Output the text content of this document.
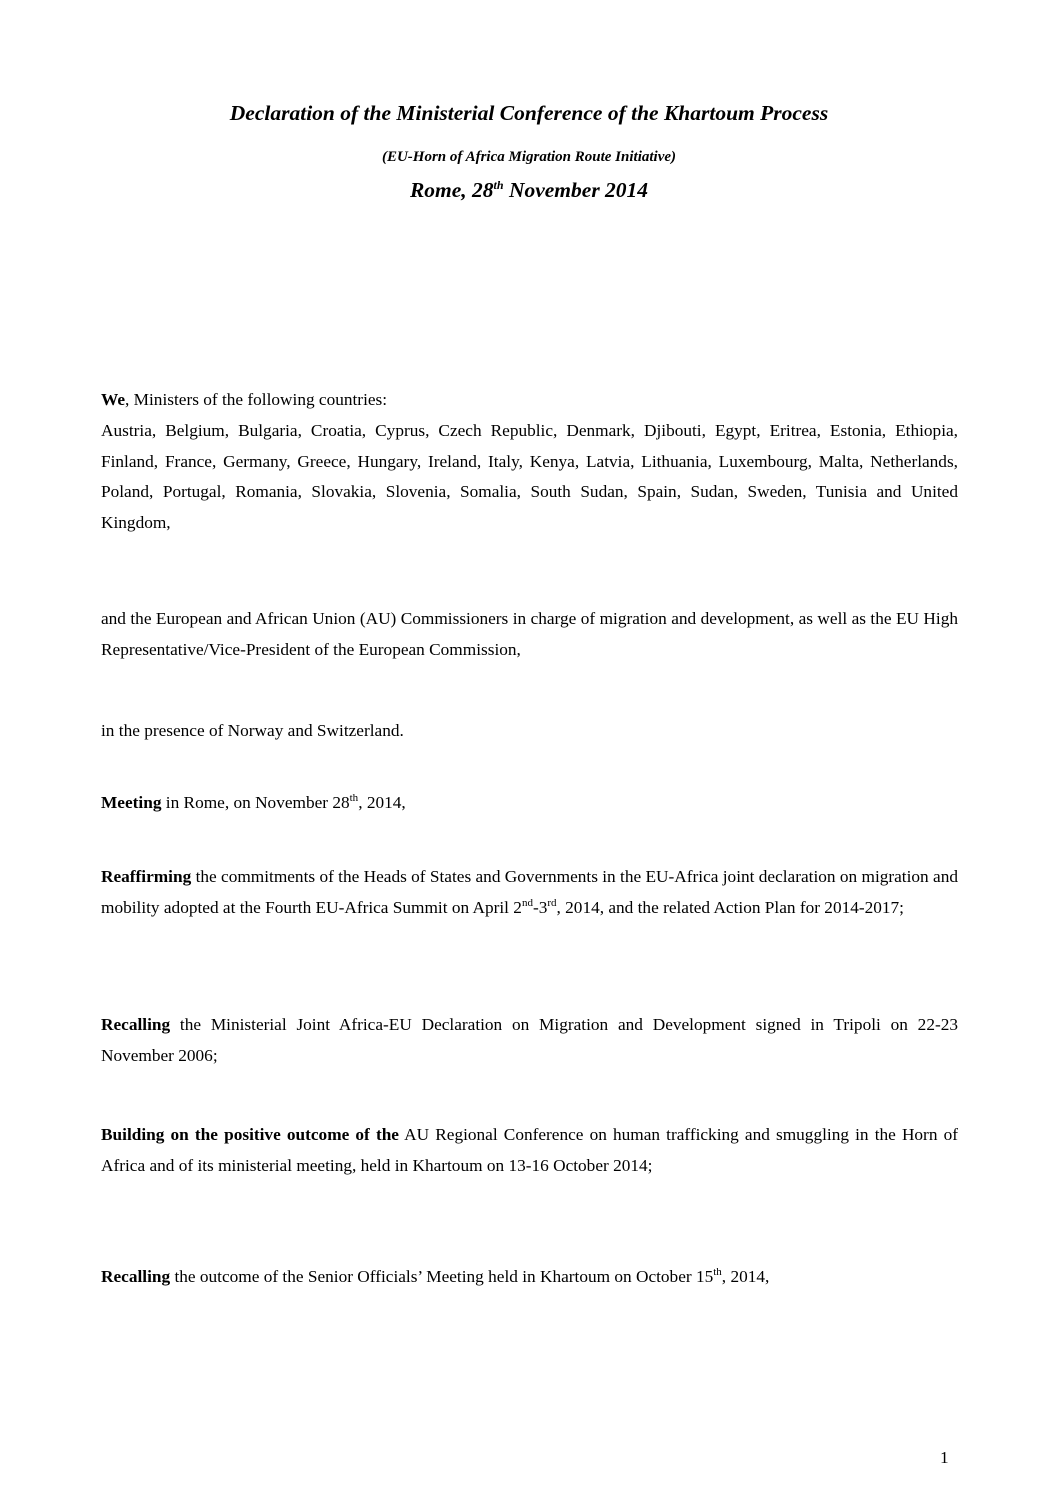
Declaration of the Ministerial Conference of the Khartoum Process
(EU-Horn of Africa Migration Route Initiative)
Rome, 28th November 2014
We, Ministers of the following countries:
Austria, Belgium, Bulgaria, Croatia, Cyprus, Czech Republic, Denmark, Djibouti, Egypt, Eritrea, Estonia, Ethiopia, Finland, France, Germany, Greece, Hungary, Ireland, Italy, Kenya, Latvia, Lithuania, Luxembourg, Malta, Netherlands, Poland, Portugal, Romania, Slovakia, Slovenia, Somalia, South Sudan, Spain, Sudan, Sweden, Tunisia and United Kingdom,
and the European and African Union (AU) Commissioners in charge of migration and development, as well as the EU High Representative/Vice-President of the European Commission,
in the presence of Norway and Switzerland.
Meeting in Rome, on November 28th, 2014,
Reaffirming the commitments of the Heads of States and Governments in the EU-Africa joint declaration on migration and mobility adopted at the Fourth EU-Africa Summit on April 2nd-3rd, 2014, and the related Action Plan for 2014-2017;
Recalling the Ministerial Joint Africa-EU Declaration on Migration and Development signed in Tripoli on 22-23 November 2006;
Building on the positive outcome of the AU Regional Conference on human trafficking and smuggling in the Horn of Africa and of its ministerial meeting, held in Khartoum on 13-16 October 2014;
Recalling the outcome of the Senior Officials’ Meeting held in Khartoum on October 15th, 2014,
1
